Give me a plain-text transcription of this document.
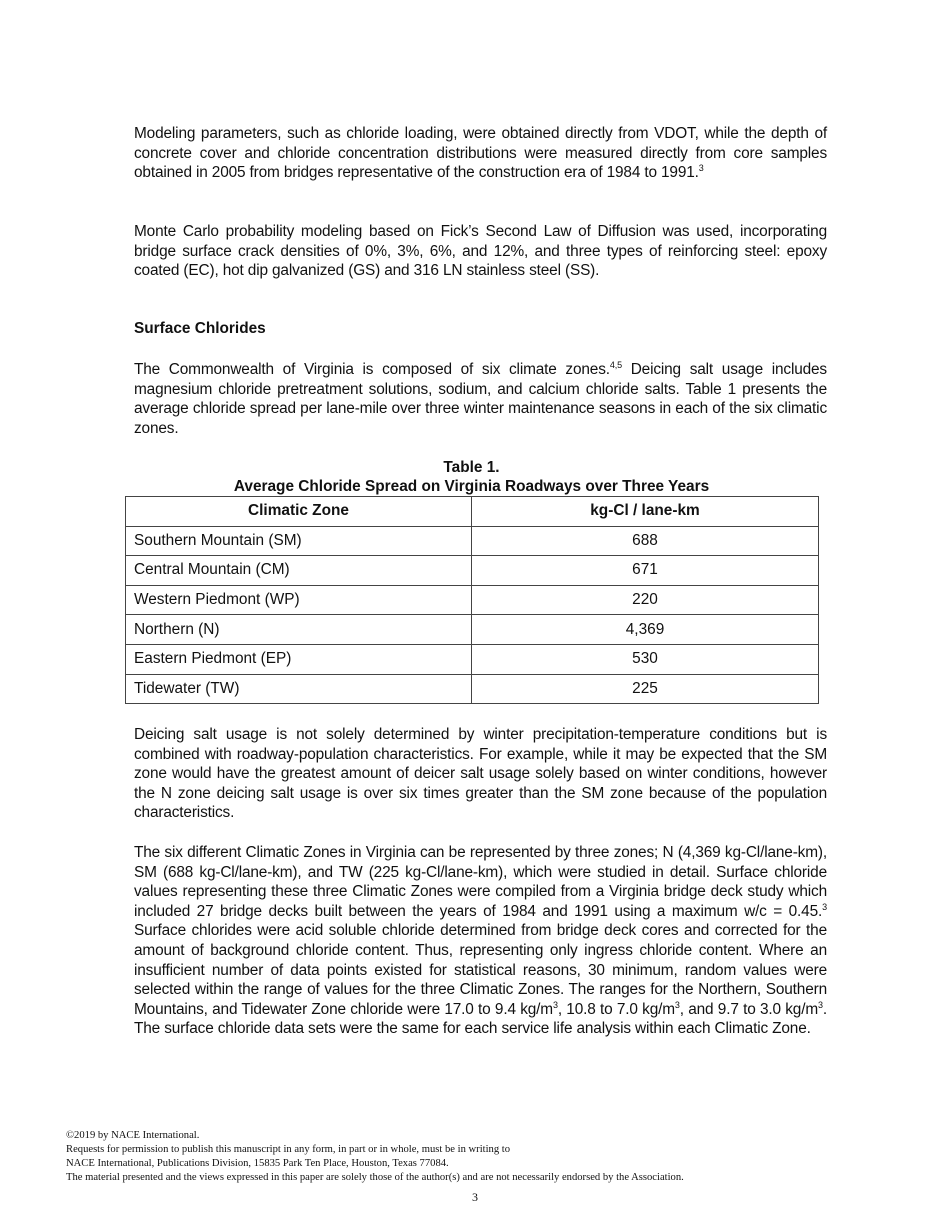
Modeling parameters, such as chloride loading, were obtained directly from VDOT, while the depth of concrete cover and chloride concentration distributions were measured directly from core samples obtained in 2005 from bridges representative of the construction era of 1984 to 1991.$^3$

Monte Carlo probability modeling based on Fick’s Second Law of Diffusion was used, incorporating bridge surface crack densities of 0%, 3%, 6%, and 12%, and three types of reinforcing steel: epoxy coated (EC), hot dip galvanized (GS) and 316 LN stainless steel (SS).

Surface Chlorides

The Commonwealth of Virginia is composed of six climate zones.$^{4,5}$ Deicing salt usage includes magnesium chloride pretreatment solutions, sodium, and calcium chloride salts. Table 1 presents the average chloride spread per lane-mile over three winter maintenance seasons in each of the six climatic zones.

Table 1.
Average Chloride Spread on Virginia Roadways over Three Years
Climatic Zone	kg-Cl / lane-km
Southern Mountain (SM)	688
Central Mountain (CM)	671
Western Piedmont (WP)	220
Northern (N)	4,369
Eastern Piedmont (EP)	530
Tidewater (TW)	225

Deicing salt usage is not solely determined by winter precipitation-temperature conditions but is combined with roadway-population characteristics. For example, while it may be expected that the SM zone would have the greatest amount of deicer salt usage solely based on winter conditions, however the N zone deicing salt usage is over six times greater than the SM zone because of the population characteristics.

The six different Climatic Zones in Virginia can be represented by three zones; N (4,369 kg-Cl/lane-km), SM (688 kg-Cl/lane-km), and TW (225 kg-Cl/lane-km), which were studied in detail. Surface chloride values representing these three Climatic Zones were compiled from a Virginia bridge deck study which included 27 bridge decks built between the years of 1984 and 1991 using a maximum w/c = 0.45.$^3$ Surface chlorides were acid soluble chloride determined from bridge deck cores and corrected for the amount of background chloride content. Thus, representing only ingress chloride content. Where an insufficient number of data points existed for statistical reasons, 30 minimum, random values were selected within the range of values for the three Climatic Zones. The ranges for the Northern, Southern Mountains, and Tidewater Zone chloride were 17.0 to 9.4 $kg/m^3$, 10.8 to 7.0 $kg/m^3$, and 9.7 to 3.0 $kg/m^3$. The surface chloride data sets were the same for each service life analysis within each Climatic Zone.

©2019 by NACE International.
Requests for permission to publish this manuscript in any form, in part or in whole, must be in writing to
NACE International, Publications Division, 15835 Park Ten Place, Houston, Texas 77084.
The material presented and the views expressed in this paper are solely those of the author(s) and are not necessarily endorsed by the Association.
3
